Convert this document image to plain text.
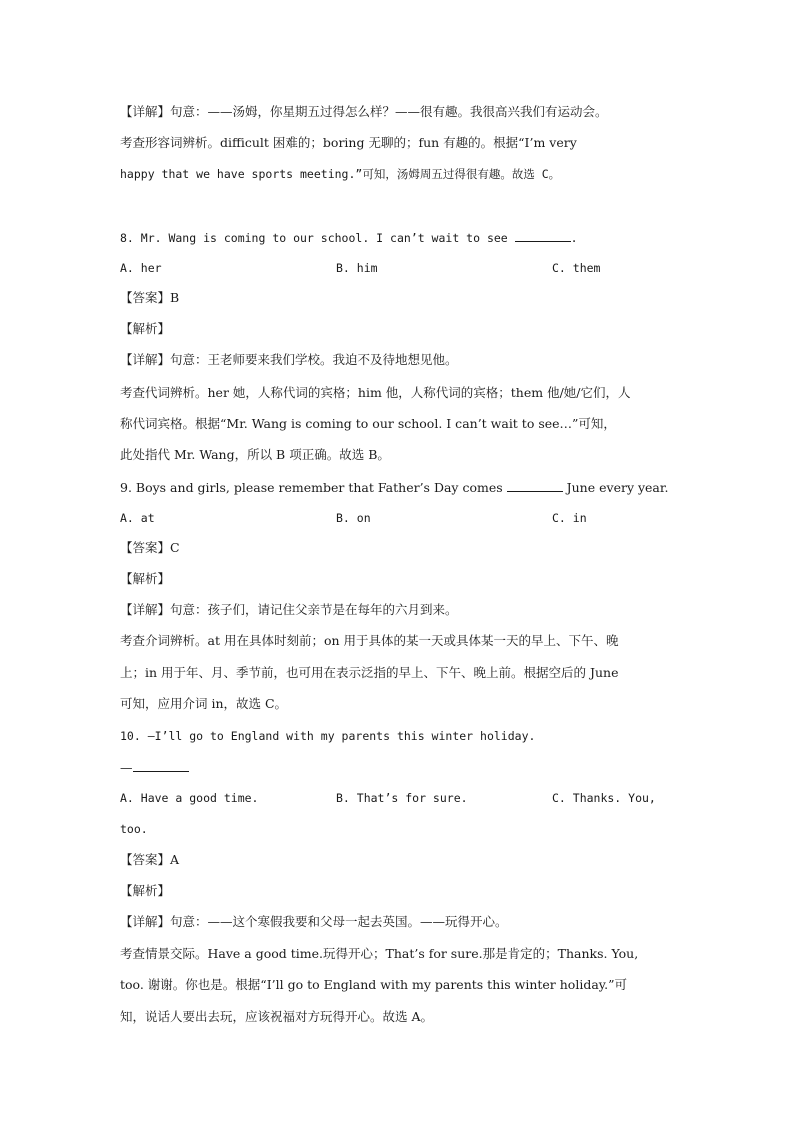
【详解】句意：——汤姆，你星期五过得怎么样？——很有趣。我很高兴我们有运动会。
考查形容词辨析。difficult 困难的；boring 无聊的；fun 有趣的。根据“I’m very
happy that we have sports meeting.”可知，汤姆周五过得很有趣。故选 C。
8. Mr. Wang is coming to our school. I can’t wait to see	.
A. her	B. him	C. them
【答案】B
【解析】
【详解】句意：王老师要来我们学校。我迫不及待地想见他。
考查代词辨析。her 她，人称代词的宾格；him 他，人称代词的宾格；them 他/她/它们，人
称代词宾格。根据“Mr. Wang is coming to our school. I can’t wait to see…”可知，
此处指代 Mr. Wang，所以 B 项正确。故选 B。
9. Boys and girls, please remember that Father’s Day comes	June every year.
A. at	B. on	C. in
【答案】C
【解析】
【详解】句意：孩子们，请记住父亲节是在每年的六月到来。
考查介词辨析。at 用在具体时刻前；on 用于具体的某一天或具体某一天的早上、下午、晚
上；in 用于年、月、季节前，也可用在表示泛指的早上、下午、晚上前。根据空后的 June
可知，应用介词 in，故选 C。
10. —I’ll go to England with my parents this winter holiday.
—
A. Have a good time.	B. That’s for sure.	C. Thanks. You,
too.
【答案】A
【解析】
【详解】句意：——这个寒假我要和父母一起去英国。——玩得开心。
考查情景交际。Have a good time.玩得开心；That’s for sure.那是肯定的；Thanks. You,
too. 谢谢。你也是。根据“I’ll go to England with my parents this winter holiday.”可
知，说话人要出去玩，应该祝福对方玩得开心。故选 A。
